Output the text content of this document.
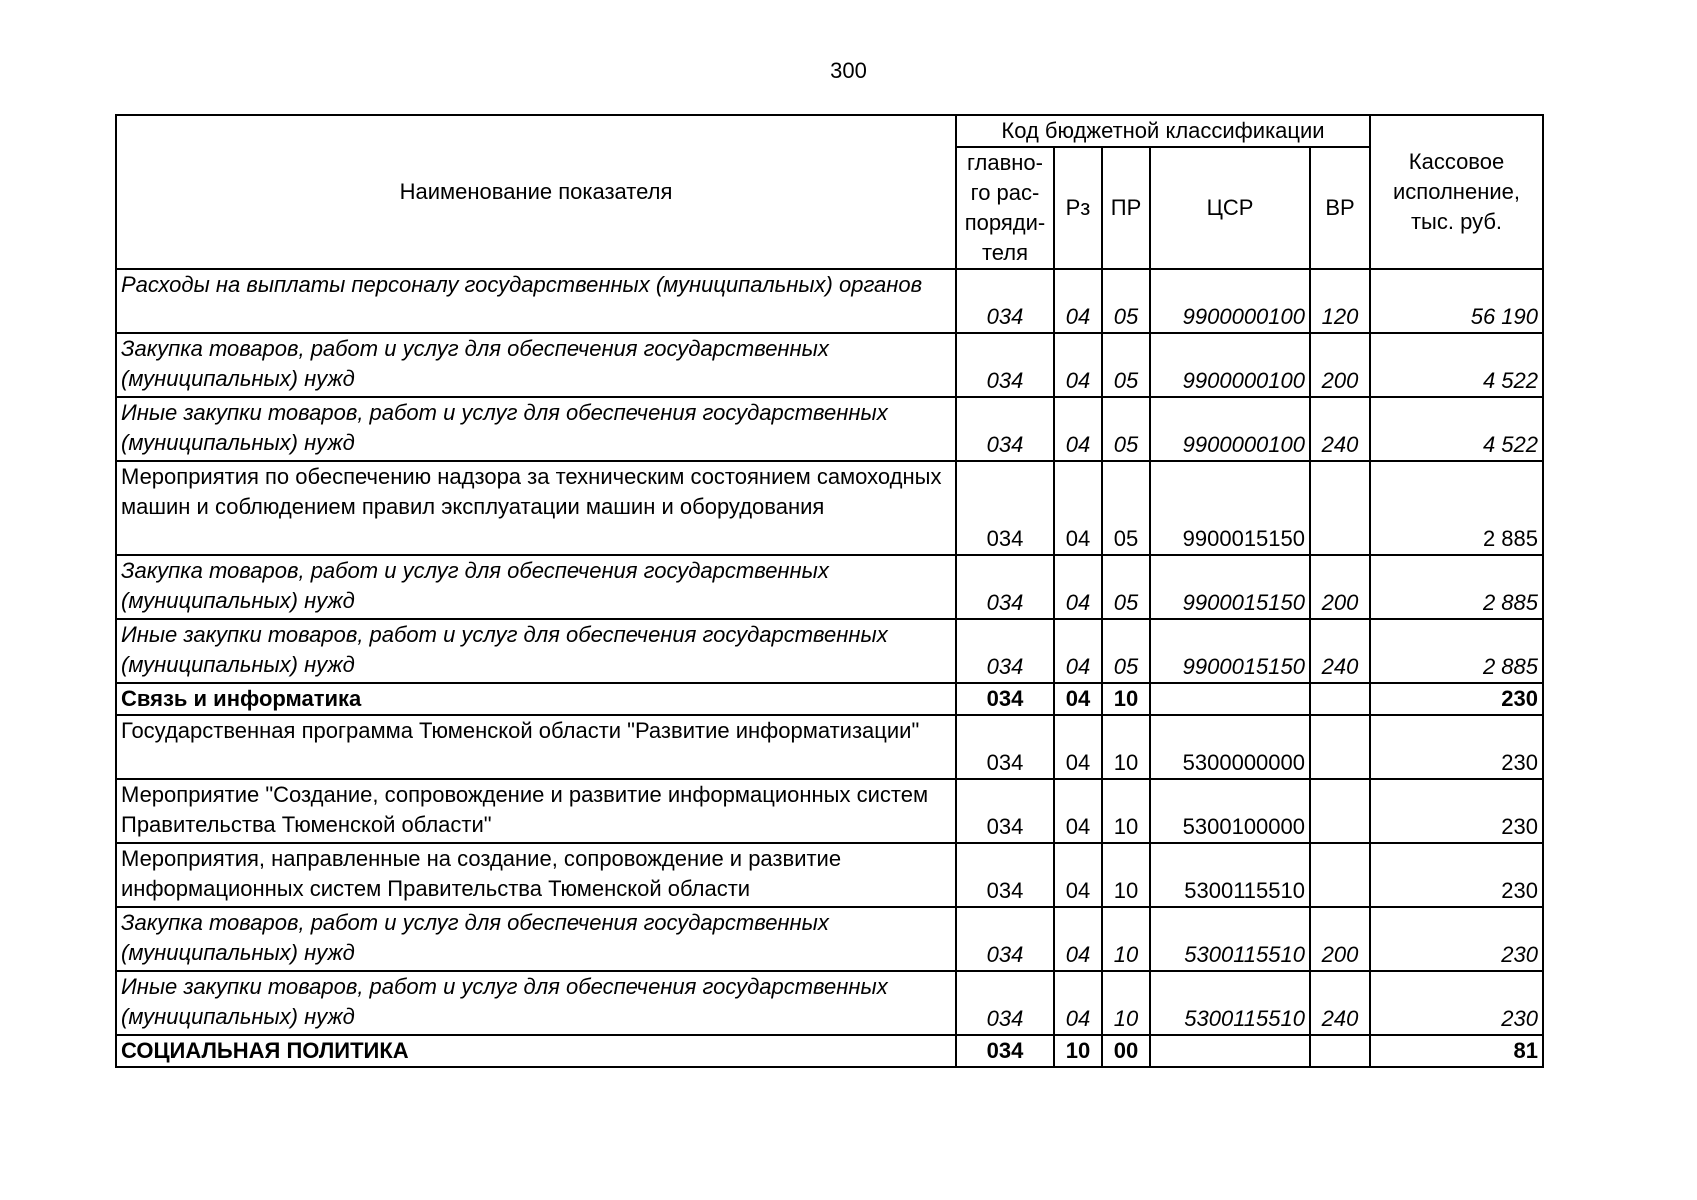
300
Наименование показателя	Код бюджетной классификации					Кассовое
исполнение,
тыс. руб.
	главно-
го рас-
поряди-
теля	Рз	ПР	ЦСР	ВР	
Расходы на выплаты персоналу государственных (муниципальных) органов	034	04	05	9900000100	120	56 190
Закупка товаров, работ и услуг для обеспечения государственных (муниципальных) нужд	034	04	05	9900000100	200	4 522
Иные закупки товаров, работ и услуг для обеспечения государственных (муниципальных) нужд	034	04	05	9900000100	240	4 522
Мероприятия по обеспечению надзора за техническим состоянием самоходных машин и соблюдением правил эксплуатации машин и оборудования	034	04	05	9900015150		2 885
Закупка товаров, работ и услуг для обеспечения государственных (муниципальных) нужд	034	04	05	9900015150	200	2 885
Иные закупки товаров, работ и услуг для обеспечения государственных (муниципальных) нужд	034	04	05	9900015150	240	2 885
Связь и информатика	034	04	10			230
Государственная программа Тюменской области "Развитие информатизации"	034	04	10	5300000000		230
Мероприятие "Создание, сопровождение и развитие информационных систем Правительства Тюменской области"	034	04	10	5300100000		230
Мероприятия, направленные на создание, сопровождение и развитие информационных систем Правительства Тюменской области	034	04	10	5300115510		230
Закупка товаров, работ и услуг для обеспечения государственных (муниципальных) нужд	034	04	10	5300115510	200	230
Иные закупки товаров, работ и услуг для обеспечения государственных (муниципальных) нужд	034	04	10	5300115510	240	230
СОЦИАЛЬНАЯ ПОЛИТИКА	034	10	00			81
